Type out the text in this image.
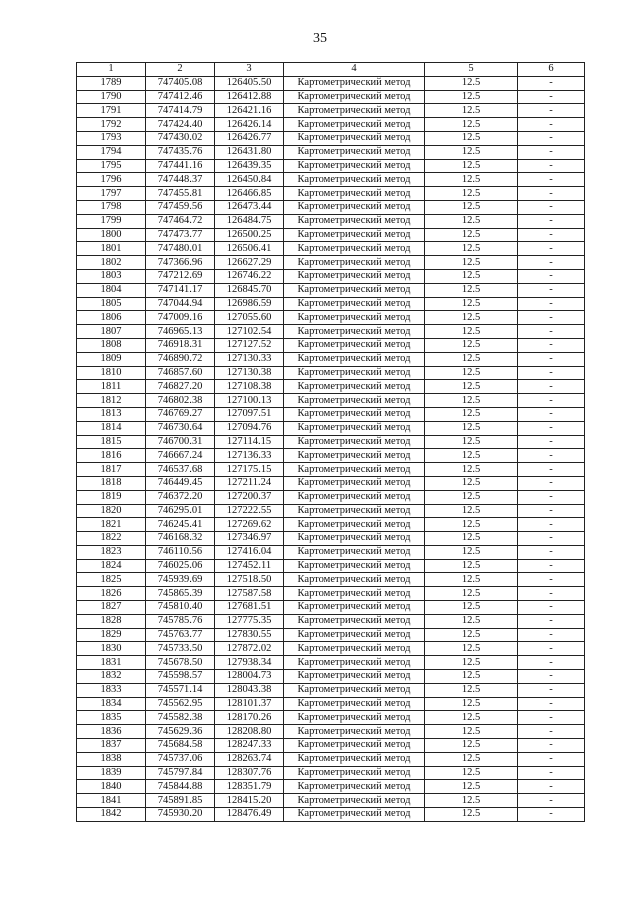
35
1	2	3	4	5	6
1789	747405.08	126405.50	Картометрический метод	12.5	-
1790	747412.46	126412.88	Картометрический метод	12.5	-
1791	747414.79	126421.16	Картометрический метод	12.5	-
1792	747424.40	126426.14	Картометрический метод	12.5	-
1793	747430.02	126426.77	Картометрический метод	12.5	-
1794	747435.76	126431.80	Картометрический метод	12.5	-
1795	747441.16	126439.35	Картометрический метод	12.5	-
1796	747448.37	126450.84	Картометрический метод	12.5	-
1797	747455.81	126466.85	Картометрический метод	12.5	-
1798	747459.56	126473.44	Картометрический метод	12.5	-
1799	747464.72	126484.75	Картометрический метод	12.5	-
1800	747473.77	126500.25	Картометрический метод	12.5	-
1801	747480.01	126506.41	Картометрический метод	12.5	-
1802	747366.96	126627.29	Картометрический метод	12.5	-
1803	747212.69	126746.22	Картометрический метод	12.5	-
1804	747141.17	126845.70	Картометрический метод	12.5	-
1805	747044.94	126986.59	Картометрический метод	12.5	-
1806	747009.16	127055.60	Картометрический метод	12.5	-
1807	746965.13	127102.54	Картометрический метод	12.5	-
1808	746918.31	127127.52	Картометрический метод	12.5	-
1809	746890.72	127130.33	Картометрический метод	12.5	-
1810	746857.60	127130.38	Картометрический метод	12.5	-
1811	746827.20	127108.38	Картометрический метод	12.5	-
1812	746802.38	127100.13	Картометрический метод	12.5	-
1813	746769.27	127097.51	Картометрический метод	12.5	-
1814	746730.64	127094.76	Картометрический метод	12.5	-
1815	746700.31	127114.15	Картометрический метод	12.5	-
1816	746667.24	127136.33	Картометрический метод	12.5	-
1817	746537.68	127175.15	Картометрический метод	12.5	-
1818	746449.45	127211.24	Картометрический метод	12.5	-
1819	746372.20	127200.37	Картометрический метод	12.5	-
1820	746295.01	127222.55	Картометрический метод	12.5	-
1821	746245.41	127269.62	Картометрический метод	12.5	-
1822	746168.32	127346.97	Картометрический метод	12.5	-
1823	746110.56	127416.04	Картометрический метод	12.5	-
1824	746025.06	127452.11	Картометрический метод	12.5	-
1825	745939.69	127518.50	Картометрический метод	12.5	-
1826	745865.39	127587.58	Картометрический метод	12.5	-
1827	745810.40	127681.51	Картометрический метод	12.5	-
1828	745785.76	127775.35	Картометрический метод	12.5	-
1829	745763.77	127830.55	Картометрический метод	12.5	-
1830	745733.50	127872.02	Картометрический метод	12.5	-
1831	745678.50	127938.34	Картометрический метод	12.5	-
1832	745598.57	128004.73	Картометрический метод	12.5	-
1833	745571.14	128043.38	Картометрический метод	12.5	-
1834	745562.95	128101.37	Картометрический метод	12.5	-
1835	745582.38	128170.26	Картометрический метод	12.5	-
1836	745629.36	128208.80	Картометрический метод	12.5	-
1837	745684.58	128247.33	Картометрический метод	12.5	-
1838	745737.06	128263.74	Картометрический метод	12.5	-
1839	745797.84	128307.76	Картометрический метод	12.5	-
1840	745844.88	128351.79	Картометрический метод	12.5	-
1841	745891.85	128415.20	Картометрический метод	12.5	-
1842	745930.20	128476.49	Картометрический метод	12.5	-
